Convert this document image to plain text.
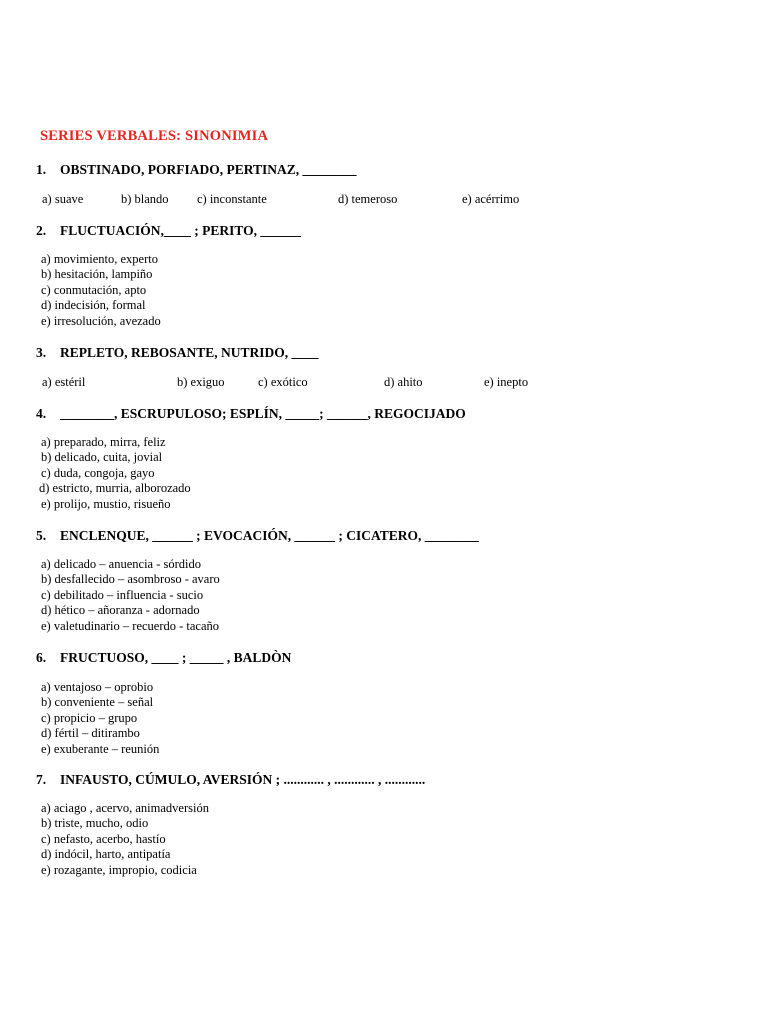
SERIES VERBALES: SINONIMIA
1. OBSTINADO, PORFIADO, PERTINAZ, ________
a) suave	b) blando c) inconstante	d) temeroso	e) acérrimo
2. FLUCTUACIÓN,____ ; PERITO, ______
a) movimiento, experto
b) hesitación, lampiño
c) conmutación, apto
d) indecisión, formal
e) irresolución, avezado
3. REPLETO, REBOSANTE, NUTRIDO, ____
a) estéril	b) exiguo	c) exótico	d) ahito	e) inepto
4. ________, ESCRUPULOSO; ESPLÍN, _____; ______, REGOCIJADO
a) preparado, mirra, feliz
b) delicado, cuita, jovial
c) duda, congoja, gayo
d) estricto, murria, alborozado
e) prolijo, mustio, risueño
5. ENCLENQUE, ______ ; EVOCACIÓN, ______ ; CICATERO, ________
a) delicado – anuencia - sórdido
b) desfallecido – asombroso - avaro
c) debilitado – influencia - sucio
d) hético – añoranza - adornado
e) valetudinario – recuerdo - tacaño
6. FRUCTUOSO, ____ ; _____ , BALDÒN
a) ventajoso – oprobio
b) conveniente – señal
c) propicio – grupo
d) fértil – ditirambo
e) exuberante – reunión
7. INFAUSTO, CÚMULO, AVERSIÓN ; ............ , ............ , ............
a) aciago , acervo, animadversión
b) triste, mucho, odio
c) nefasto, acerbo, hastío
d) indócil, harto, antipatía
e) rozagante, impropio, codicia
